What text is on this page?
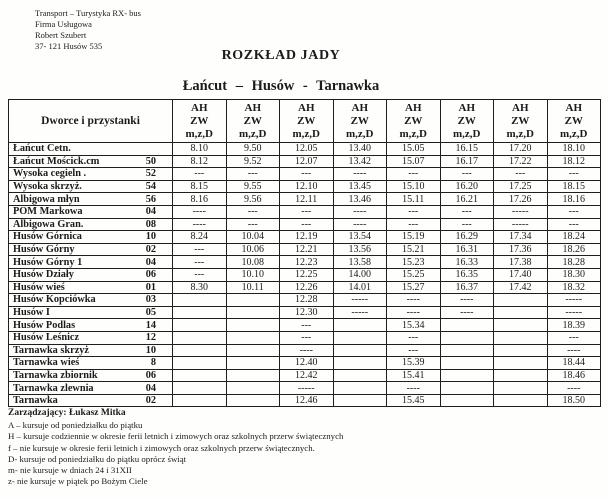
Transport – Turystyka RX- bus
Firma Usługowa
Robert Szubert
37- 121 Husów 535
ROZKŁAD JADY
Łańcut – Husów - Tarnawka
Dworce i przystanki	AH
ZW
m,z,D	AH
ZW
m,z,D	AH
ZW
m,z,D	AH
ZW
m,z,D	AH
ZW
m,z,D	AH
ZW
m,z,D	AH
ZW
m,z,D	AH
ZW
m,z,D

Łańcut Cetn.	8.10	9.50	12.05	13.40	15.05	16.15	17.20	18.10

Łańcut Mościck.cm 50	8.12	9.52	12.07	13.42	15.07	16.17	17.22	18.12

Wysoka cegieln . 52	---	---	---	----	---	---	---	---

Wysoka skrzyż. 54	8.15	9.55	12.10	13.45	15.10	16.20	17.25	18.15

Albigowa młyn 56	8.16	9.56	12.11	13.46	15.11	16.21	17.26	18.16

POM Markowa 04	----	---	---	----	---	---	-----	---

Albigowa Gran. 08	----	---	---	----	---	---	-----	---

Husów Górnica 10	8.24	10.04	12.19	13.54	15.19	16.29	17.34	18.24

Husów Górny 02	---	10.06	12.21	13.56	15.21	16.31	17.36	18.26

Husów Górny 1 04	---	10.08	12.23	13.58	15.23	16.33	17.38	18.28

Husów Działy 06	---	10.10	12.25	14.00	15.25	16.35	17.40	18.30

Husów wieś 01	8.30	10.11	12.26	14.01	15.27	16.37	17.42	18.32

Husów Kopciówka 03			12.28	-----	----	----		-----

Husów I 05			12.30	-----	----	----		-----

Husów Podlas 14			---		15.34			18.39

Husów Leśnicz 12			---		---			---

Tarnawka skrzyż 10			----		---			----

Tarnawka wieś 8			12.40		15.39			18.44

Tarnawka zbiornik 06			12.42		15.41			18.46

Tarnawka zlewnia 04			-----		----			----

Tarnawka 02			12.46		15.45			18.50
Zarządzający: Łukasz Mitka
A – kursuje od poniedziałku do piątku
H – kursuje codziennie w okresie ferii letnich i zimowych oraz szkolnych przerw świątecznych
f – nie kursuje w okresie ferii letnich i zimowych oraz szkolnych przerw świątecznych.
D- kursuje od poniedziałku do piątku oprócz świąt
m- nie kursuje w dniach 24 i 31XII
z- nie kursuje w piątek po Bożym Ciele
